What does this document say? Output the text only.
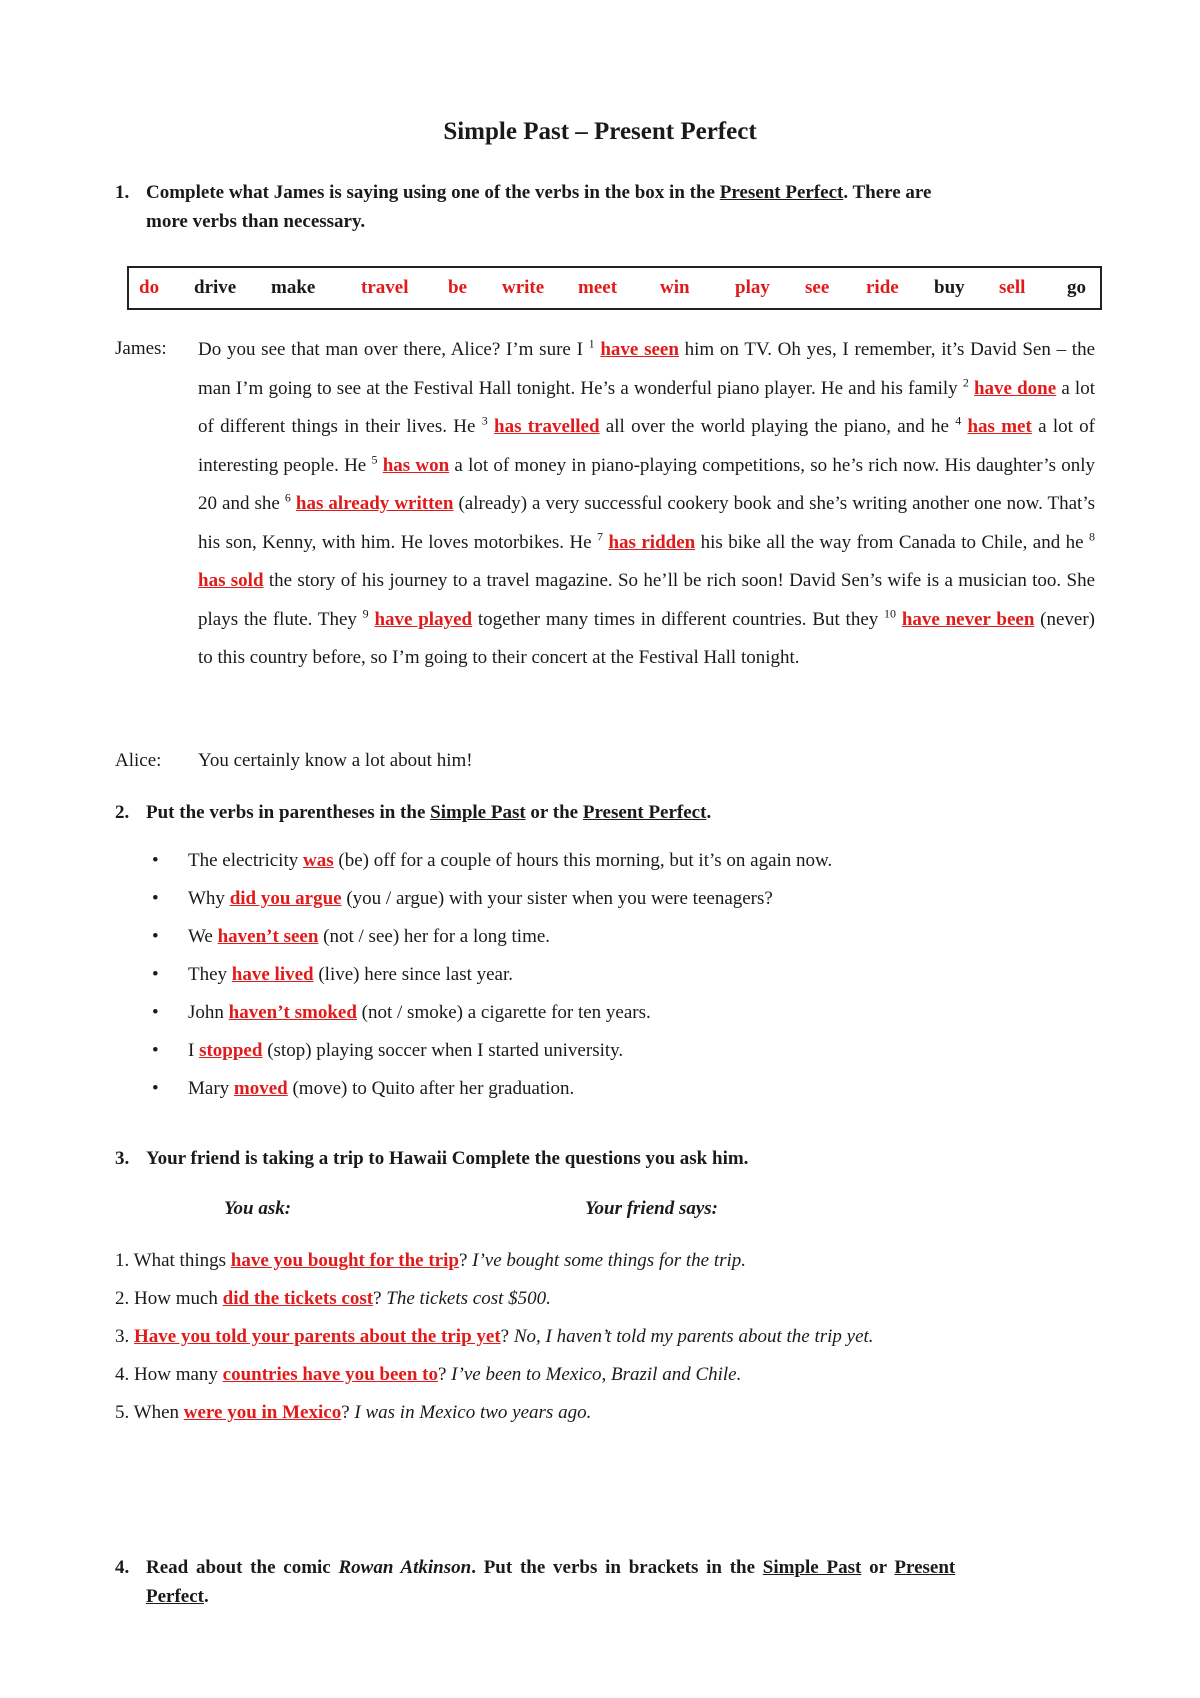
Simple Past – Present Perfect
1. Complete what James is saying using one of the verbs in the box in the Present Perfect. There are
more verbs than necessary.
do drive make travel be write meet win play see ride buy sell go
James: Do you see that man over there, Alice? I’m sure I $^1$ have seen him on TV. Oh yes, I remember, it’s David Sen – the man I’m going to see at the Festival Hall tonight. He’s a wonderful piano player. He and his family $^2$ have done a lot of different things in their lives. He $^3$ has travelled all over the world playing the piano, and he $^4$ has met a lot of interesting people. He $^5$ has won a lot of money in piano-playing competitions, so he’s rich now. His daughter’s only 20 and she $^6$ has already written (already) a very successful cookery book and she’s writing another one now. That’s his son, Kenny, with him. He loves motorbikes. He $^7$ has ridden his bike all the way from Canada to Chile, and he $^8$ has sold the story of his journey to a travel magazine. So he’ll be rich soon! David Sen’s wife is a musician too. She plays the flute. They $^9$ have played together many times in different countries. But they $^{10}$ have never been (never) to this country before, so I’m going to their concert at the Festival Hall tonight.
Alice: You certainly know a lot about him!
2. Put the verbs in parentheses in the Simple Past or the Present Perfect.
• The electricity was (be) off for a couple of hours this morning, but it’s on again now.
• Why did you argue (you / argue) with your sister when you were teenagers?
• We haven’t seen (not / see) her for a long time.
• They have lived (live) here since last year.
• John haven’t smoked (not / smoke) a cigarette for ten years.
• I stopped (stop) playing soccer when I started university.
• Mary moved (move) to Quito after her graduation.
3. Your friend is taking a trip to Hawaii Complete the questions you ask him.
You ask:	Your friend says:
1. What things have you bought for the trip? I’ve bought some things for the trip.
2. How much did the tickets cost? The tickets cost $500.
3. Have you told your parents about the trip yet? No, I haven’t told my parents about the trip yet.
4. How many countries have you been to? I’ve been to Mexico, Brazil and Chile.
5. When were you in Mexico? I was in Mexico two years ago.
4. Read about the comic Rowan Atkinson. Put the verbs in brackets in the Simple Past or Present
Perfect.
